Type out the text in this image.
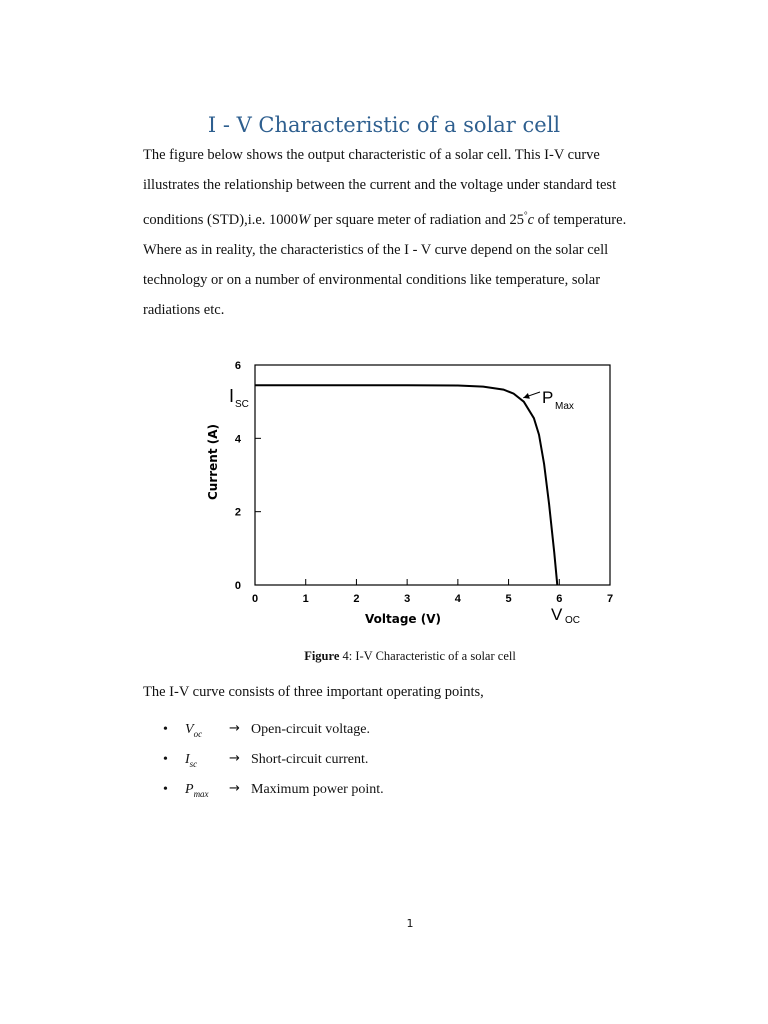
I - V Characteristic of a solar cell
The figure below shows the output characteristic of a solar cell. This I-V curve
illustrates the relationship between the current and the voltage under standard test
conditions (STD),i.e. 1000W per square meter of radiation and 25°c of temperature.
Where as in reality, the characteristics of the I - V curve depend on the solar cell
technology or on a number of environmental conditions like temperature, solar
radiations etc.
0	1	2	3	4	5	6	7
0
2
4
6
Voltage (V)
Current (A)
I SC	P Max
V OC
Figure 4: I-V Characteristic of a solar cell
The I-V curve consists of three important operating points,
• $V_{oc}$ → Open-circuit voltage.
• $I_{sc}$ → Short-circuit current.
• $P_{max}$ → Maximum power point.
1
